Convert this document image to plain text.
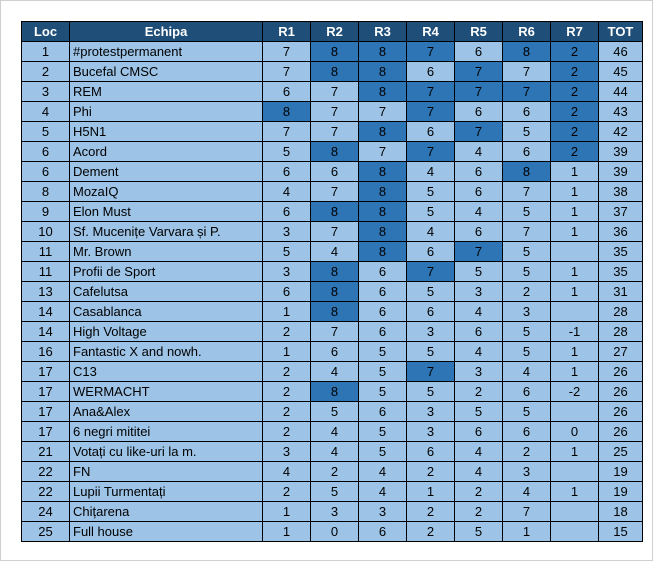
Loc	Echipa	R1	R2	R3	R4	R5	R6	R7	TOT
1	#protestpermanent	7	8	8	7	6	8	2	46
2	Bucefal CMSC	7	8	8	6	7	7	2	45
3	REM	6	7	8	7	7	7	2	44
4	Phi	8	7	7	7	6	6	2	43
5	H5N1	7	7	8	6	7	5	2	42
6	Acord	5	8	7	7	4	6	2	39
6	Dement	6	6	8	4	6	8	1	39
8	MozaIQ	4	7	8	5	6	7	1	38
9	Elon Must	6	8	8	5	4	5	1	37
10	Sf. Mucenițe Varvara și P.	3	7	8	4	6	7	1	36
11	Mr. Brown	5	4	8	6	7	5		35
11	Profii de Sport	3	8	6	7	5	5	1	35
13	Cafelutsa	6	8	6	5	3	2	1	31
14	Casablanca	1	8	6	6	4	3		28
14	High Voltage	2	7	6	3	6	5	-1	28
16	Fantastic X and nowh.	1	6	5	5	4	5	1	27
17	C13	2	4	5	7	3	4	1	26
17	WERMACHT	2	8	5	5	2	6	-2	26
17	Ana&Alex	2	5	6	3	5	5		26
17	6 negri mititei	2	4	5	3	6	6	0	26
21	Votați cu like-uri la m.	3	4	5	6	4	2	1	25
22	FN	4	2	4	2	4	3		19
22	Lupii Turmentați	2	5	4	1	2	4	1	19
24	Chițarena	1	3	3	2	2	7		18
25	Full house	1	0	6	2	5	1		15
